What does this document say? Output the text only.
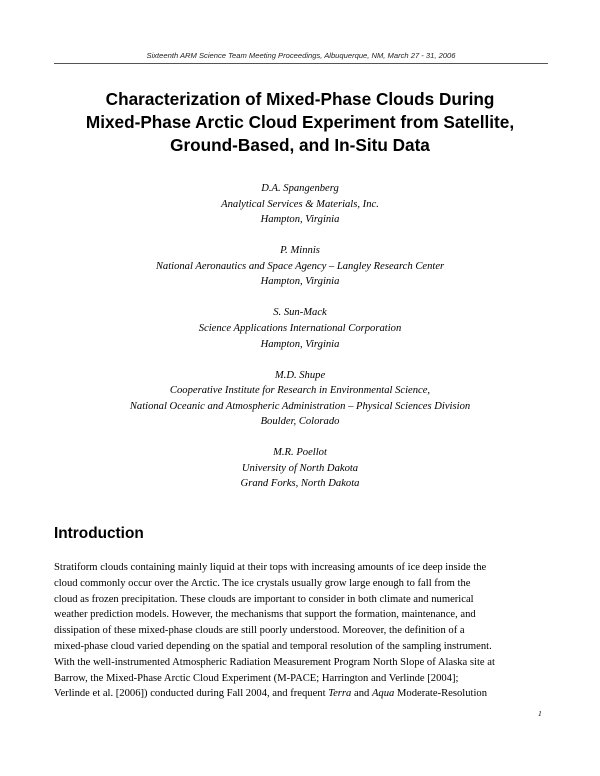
Sixteenth ARM Science Team Meeting Proceedings, Albuquerque, NM, March 27 - 31, 2006
Characterization of Mixed-Phase Clouds During
Mixed-Phase Arctic Cloud Experiment from Satellite,
Ground-Based, and In-Situ Data
D.A. Spangenberg
Analytical Services & Materials, Inc.
Hampton, Virginia
P. Minnis
National Aeronautics and Space Agency – Langley Research Center
Hampton, Virginia
S. Sun-Mack
Science Applications International Corporation
Hampton, Virginia
M.D. Shupe
Cooperative Institute for Research in Environmental Science,
National Oceanic and Atmospheric Administration – Physical Sciences Division
Boulder, Colorado
M.R. Poellot
University of North Dakota
Grand Forks, North Dakota
Introduction
Stratiform clouds containing mainly liquid at their tops with increasing amounts of ice deep inside the
cloud commonly occur over the Arctic. The ice crystals usually grow large enough to fall from the
cloud as frozen precipitation. These clouds are important to consider in both climate and numerical
weather prediction models. However, the mechanisms that support the formation, maintenance, and
dissipation of these mixed-phase clouds are still poorly understood. Moreover, the definition of a
mixed-phase cloud varied depending on the spatial and temporal resolution of the sampling instrument.
With the well-instrumented Atmospheric Radiation Measurement Program North Slope of Alaska site at
Barrow, the Mixed-Phase Arctic Cloud Experiment (M-PACE; Harrington and Verlinde [2004];
Verlinde et al. [2006]) conducted during Fall 2004, and frequent Terra and Aqua Moderate-Resolution
1
